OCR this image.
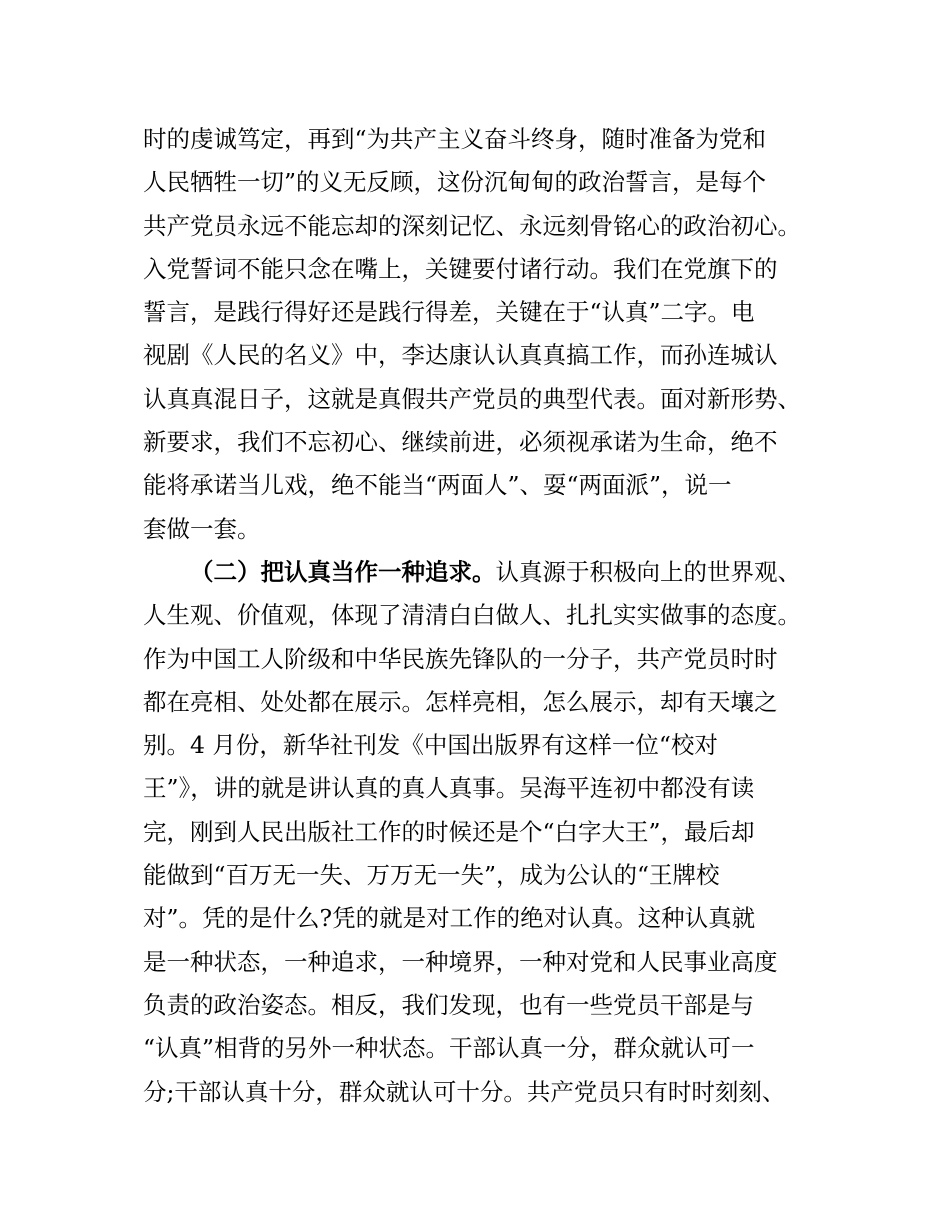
时的虔诚笃定，再到“为共产主义奋斗终身，随时准备为党和
人民牺牲一切”的义无反顾，这份沉甸甸的政治誓言，是每个
共产党员永远不能忘却的深刻记忆、永远刻骨铭心的政治初心。
入党誓词不能只念在嘴上，关键要付诸行动。我们在党旗下的
誓言，是践行得好还是践行得差，关键在于“认真”二字。电
视剧《人民的名义》中，李达康认认真真搞工作，而孙连城认
认真真混日子，这就是真假共产党员的典型代表。面对新形势、
新要求，我们不忘初心、继续前进，必须视承诺为生命，绝不
能将承诺当儿戏，绝不能当“两面人”、耍“两面派”，说一
套做一套。
（二）把认真当作一种追求。认真源于积极向上的世界观、
人生观、价值观，体现了清清白白做人、扎扎实实做事的态度。
作为中国工人阶级和中华民族先锋队的一分子，共产党员时时
都在亮相、处处都在展示。怎样亮相，怎么展示，却有天壤之
别。4 月份，新华社刊发《中国出版界有这样一位“校对
王”》，讲的就是讲认真的真人真事。吴海平连初中都没有读
完，刚到人民出版社工作的时候还是个“白字大王”，最后却
能做到“百万无一失、万万无一失”，成为公认的“王牌校
对”。凭的是什么?凭的就是对工作的绝对认真。这种认真就
是一种状态，一种追求，一种境界，一种对党和人民事业高度
负责的政治姿态。相反，我们发现，也有一些党员干部是与
“认真”相背的另外一种状态。干部认真一分，群众就认可一
分;干部认真十分，群众就认可十分。共产党员只有时时刻刻、
